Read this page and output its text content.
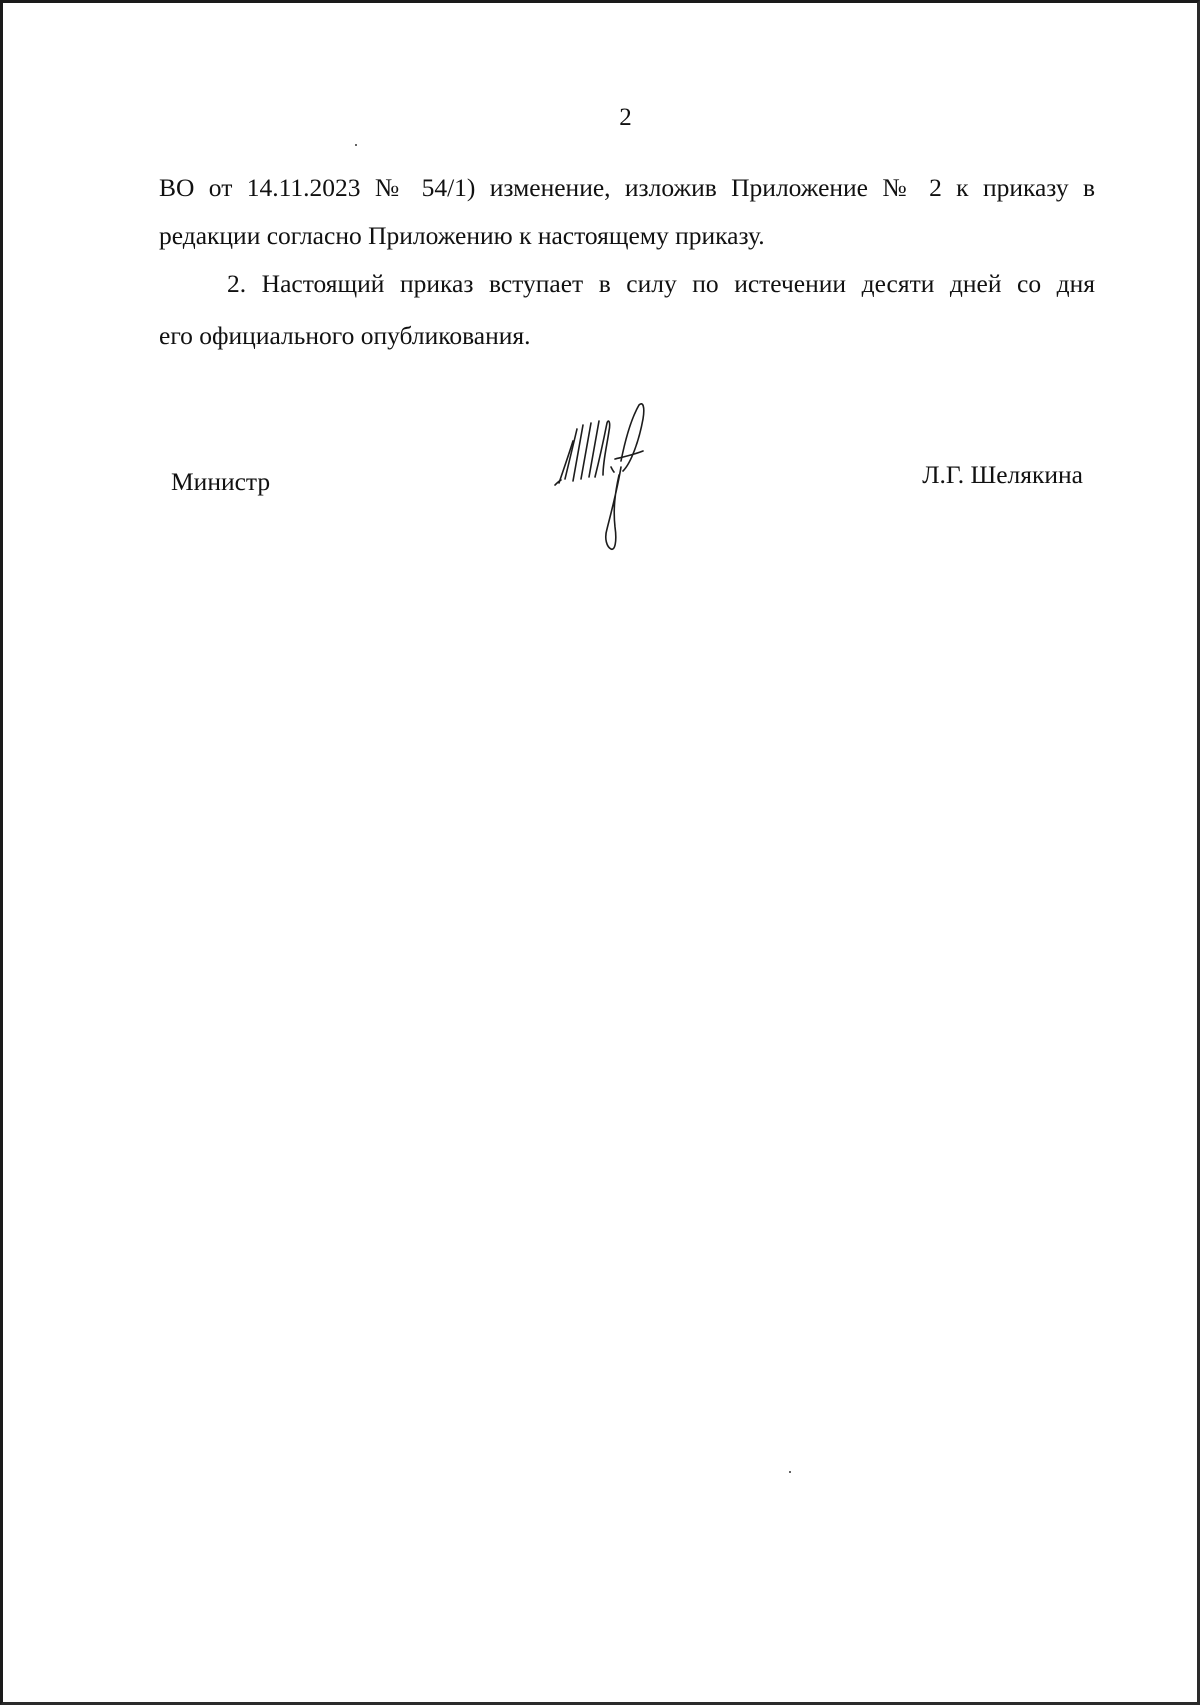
2
ВО от 14.11.2023 № 54/1) изменение, изложив Приложение № 2 к приказу в
редакции согласно Приложению к настоящему приказу.
2. Настоящий приказ вступает в силу по истечении десяти дней со дня
его официального опубликования.
Министр	Л.Г. Шелякина
